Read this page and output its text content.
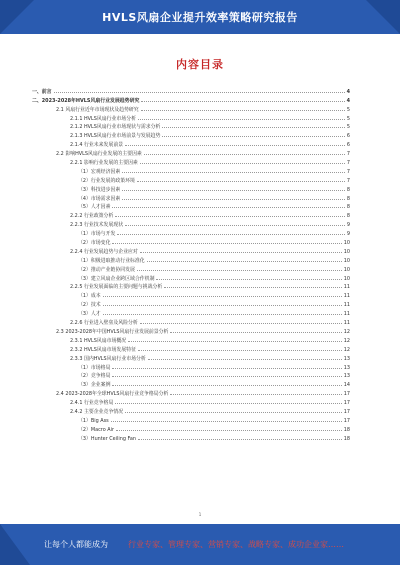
HVLS风扇企业提升效率策略研究报告
内容目录
一、前言	4
二、2023-2028年HVLS风扇行业发展趋势研究	4
2.1 风扇行业近年市场现状及趋势研究	5
2.1.1 HVLS风扇行业市场分析	5
2.1.2 HVLS风扇行业市场现状与需求分析	5
2.1.3 HVLS风扇行业市场前景与发展趋势	6
2.1.4 行业未来发展前景	6
2.2 影响HVLS风扇行业发展的主要因素	7
2.2.1 影响行业发展的主要因素	7
（1）宏观经济因素	7
（2）行业发展的政策环境	7
（3）科技进步因素	8
（4）市场需求因素	8
（5）人才因素	8
2.2.2 行业政策分析	8
2.2.3 行业技术发展现状	9
（1）市场与开发	9
（2）市场变化	10
2.2.4 行业发展趋势与企业应对	10
（1）积极进取推动行业标准化	10
（2）推动产业链协同发展	10
（3）建立风扇企业跨区域合作机制	10
2.2.5 行业发展面临的主要问题与挑战分析	11
（1）成本	11
（2）技术	11
（3）人才	11
2.2.6 行业进入壁垒及风险分析	11
2.3 2023-2028年中国HVLS风扇行业发展前景分析	12
2.3.1 HVLS风扇市场概况	12
2.3.2 HVLS风扇市场发展特征	12
2.3.3 国内HVLS风扇行业市场分析	13
（1）市场格局	13
（2）竞争格局	13
（3）企业案例	14
2.4 2023-2028年全球HVLS风扇行业竞争格局分析	17
2.4.1 行业竞争格局	17
2.4.2 主要企业竞争情况	17
（1）Big Ass	17
（2）Macro Air	18
（3）Hunter Ceiling Fan	18
1
让每个人都能成为	行业专家、管理专家、营销专家、战略专家、成功企业家……
